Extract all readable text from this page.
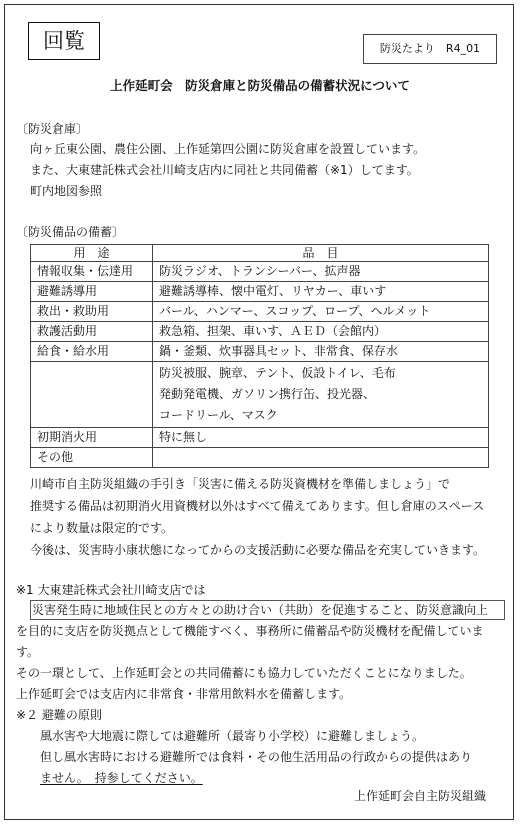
回覧	防災たより　R4_01
上作延町会　防災倉庫と防災備品の備蓄状況について
〔防災倉庫〕
向ヶ丘東公園、農住公園、上作延第四公園に防災倉庫を設置しています。
また、大東建託株式会社川崎支店内に同社と共同備蓄（※1）してます。
町内地図参照
〔防災備品の備蓄〕
用　途	品　目
情報収集・伝達用	防災ラジオ、トランシーバー、拡声器
避難誘導用	避難誘導棒、懐中電灯、リヤカー、車いす
救出・救助用	バール、ハンマー、スコップ、ロープ、ヘルメット
救護活動用	救急箱、担架、車いす、ＡＥＤ（会館内）
給食・給水用	鍋・釜類、炊事器具セット、非常食、保存水

	防災被服、腕章、テント、仮設トイレ、毛布
発動発電機、ガソリン携行缶、投光器、
コードリール、マスク

初期消火用	特に無し
その他	
川崎市自主防災組織の手引き「災害に備える防災資機材を準備しましょう」で
推奨する備品は初期消火用資機材以外はすべて備えてあります。但し倉庫のスペース
により数量は限定的です。
今後は、災害時小康状態になってからの支援活動に必要な備品を充実していきます。
※1 大東建託株式会社川崎支店では
災害発生時に地域住民との方々との助け合い（共助）を促進すること、防災意識向上
を目的に支店を防災拠点として機能すべく、事務所に備蓄品や防災機材を配備していま
す。
その一環として、上作延町会との共同備蓄にも協力していただくことになりました。
上作延町会では支店内に非常食・非常用飲料水を備蓄します。
※２ 避難の原則
風水害や大地震に際しては避難所（最寄り小学校）に避難しましょう。
但し風水害時における避難所では食料・その他生活用品の行政からの提供はあり
ません。　持参してください。
上作延町会自主防災組織
